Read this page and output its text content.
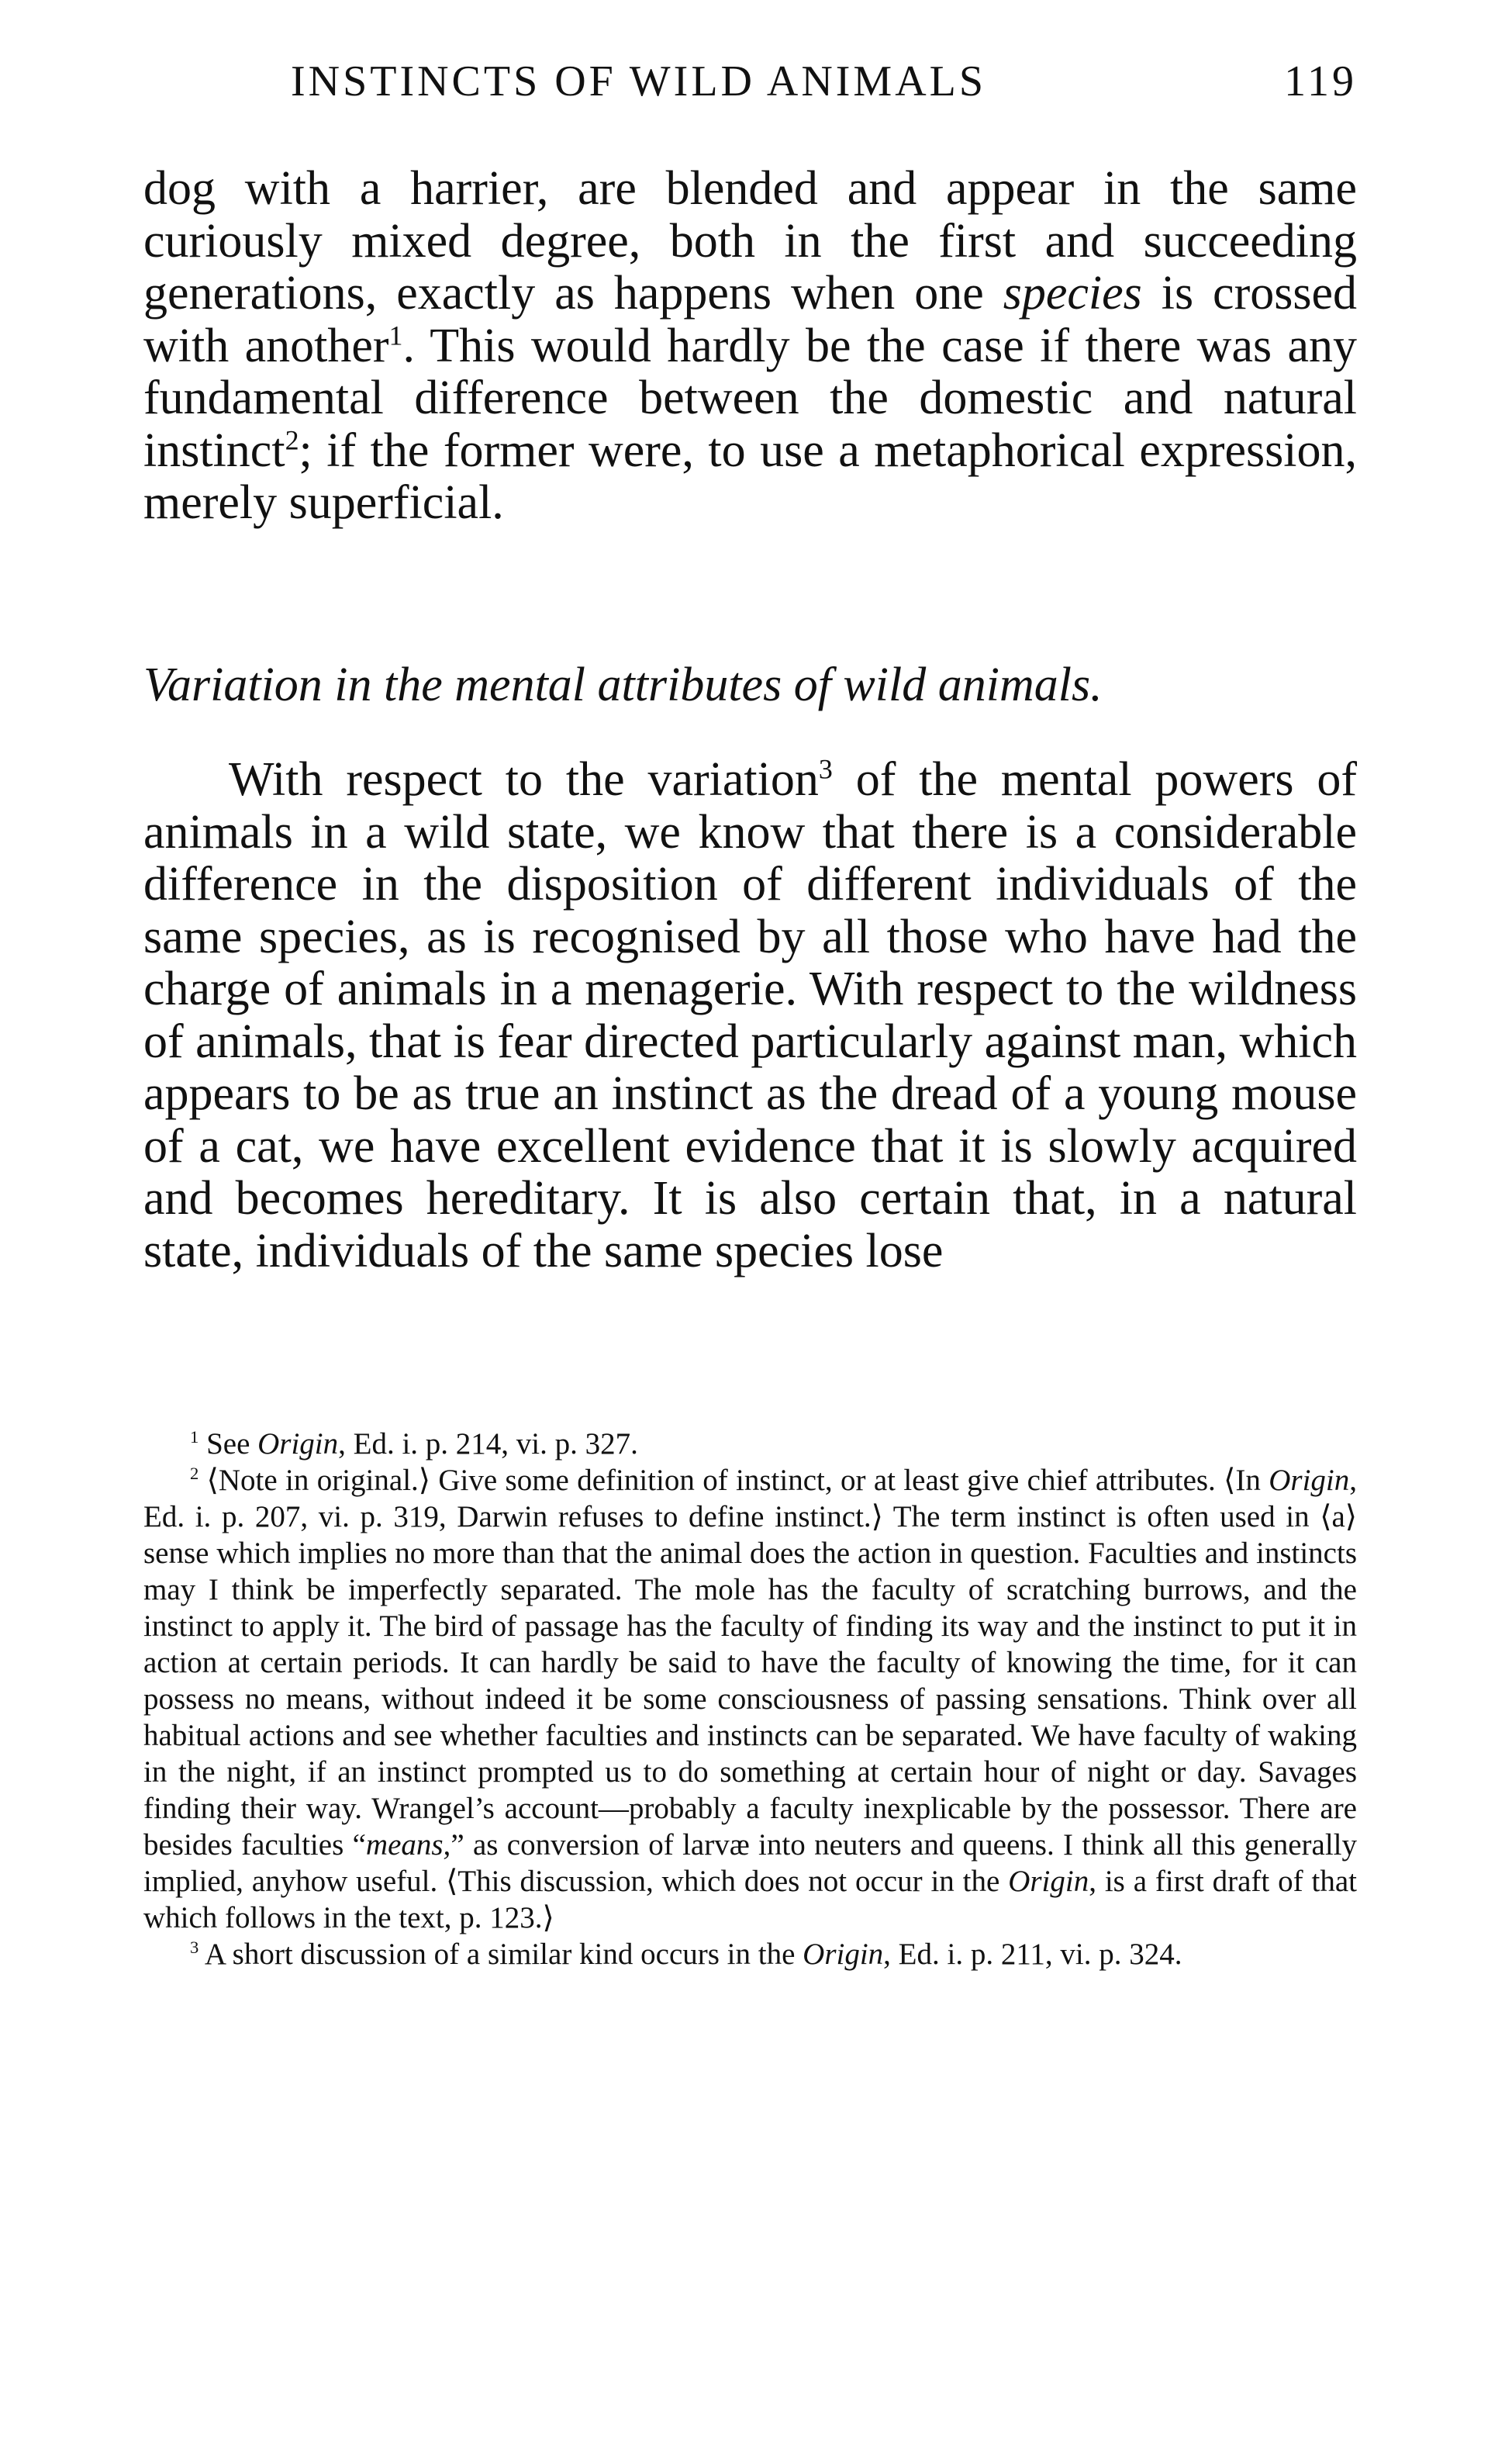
INSTINCTS OF WILD ANIMALS	119

dog with a harrier, are blended and appear in the same curiously mixed degree, both in the first and succeeding generations, exactly as happens when one species is crossed with another$^1$. This would hardly be the case if there was any fundamental difference between the domestic and natural instinct$^2$; if the former were, to use a metaphorical expression, merely superficial.

Variation in the mental attributes of wild animals.

With respect to the variation$^3$ of the mental powers of animals in a wild state, we know that there is a considerable difference in the disposition of different individuals of the same species, as is recognised by all those who have had the charge of animals in a menagerie. With respect to the wildness of animals, that is fear directed particularly against man, which appears to be as true an instinct as the dread of a young mouse of a cat, we have excellent evidence that it is slowly acquired and becomes hereditary. It is also certain that, in a natural state, individuals of the same species lose

$^1$ See Origin, Ed. i. p. 214, vi. p. 327.

$^2$ ⟨Note in original.⟩ Give some definition of instinct, or at least give chief attributes. ⟨In Origin, Ed. i. p. 207, vi. p. 319, Darwin refuses to define instinct.⟩ The term instinct is often used in ⟨a⟩ sense which implies no more than that the animal does the action in question. Faculties and instincts may I think be imperfectly separated. The mole has the faculty of scratching burrows, and the instinct to apply it. The bird of passage has the faculty of finding its way and the instinct to put it in action at certain periods. It can hardly be said to have the faculty of knowing the time, for it can possess no means, without indeed it be some consciousness of passing sensations. Think over all habitual actions and see whether faculties and instincts can be separated. We have faculty of waking in the night, if an instinct prompted us to do something at certain hour of night or day. Savages finding their way. Wrangel’s account—probably a faculty inexplicable by the possessor. There are besides faculties “means,” as conversion of larvæ into neuters and queens. I think all this generally implied, anyhow useful. ⟨This discussion, which does not occur in the Origin, is a first draft of that which follows in the text, p. 123.⟩

$^3$ A short discussion of a similar kind occurs in the Origin, Ed. i. p. 211, vi. p. 324.
